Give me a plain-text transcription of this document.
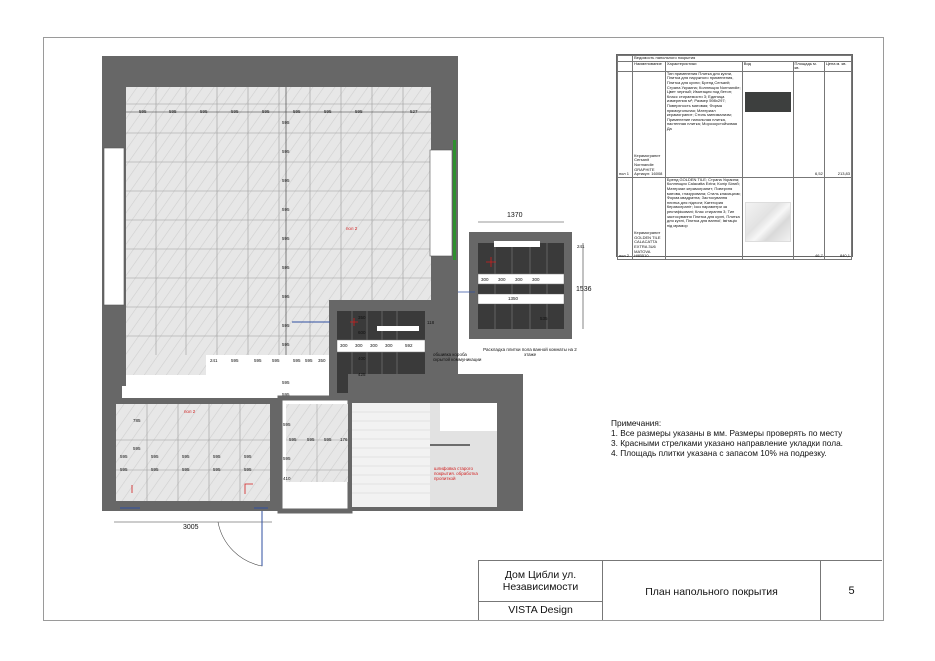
пол 2
пол 2
595	595	595	595	595	595	595	595	527
595
595
595
595
595
595
595
595
595
595
595
241	595	595 595	595 595 350
595	595	595	595	595
595 595 595 176
785
595
595	595	595	595	595
3005
410
595
595
300 300 300 300	592
118
350
600
400
425
300 300 300 300
1350
535
241
1370
1536
Раскладка плитки пола ванной комнаты на 2 этаже
обшивка короба скрытой коммуникации
шлифовка старого покрытия. обработка пропиткой
	Ведомость напольного покрытия				
	Наименование	Характеристики	Вид	Площадь м. кв.	Цена м. кв.
пол 1	Керамогранит Cersanit Normandie GRAPHITE Артикул: 16008	Тип применения Плитка для кухни, Плитка для наружного применения, Плитка для кухни; Бренд Cersanit; Страна Украина; Коллекция Normandie; Цвет черный; Имитация под бетон; Класс стираемости 3; Единица измерения м²; Размер 598х297; Поверхность матовая; Форма прямоугольная; Материал керамогранит; Стиль минимализм; Применение напольная плитка, настенная плитка; Морозоустойчивая Да		6,52	213,83
пол 2	Керамогранит GOLDEN TILE CALACATTA EXTRA 3U6 MATOVA H9B510	Бренд GOLDEN TILE; Страна Украина; Коллекция Calacatta Extra; Колір Білий; Материал керамогранит; Поверхня матова, глазурована; Стиль класицизм; Форма квадратна; Застосування плитка для підлоги; Категория Керамограніт; Ізоз параметри за ректифіковані; Клас стирання 3; Тип застосування Плитка для кухні, Плитка для кухні, Плитка для ванної; Імітація під мрамор		46,7	840,1
Примечания:
1. Все размеры указаны в мм. Размеры проверять по месту
3. Красными стрелками указано направление укладки пола.
4. Площадь плитки указана с запасом 10% на подрезку.
Дом Цибли ул. Независимости
VISTA Design
План напольного покрытия	5
